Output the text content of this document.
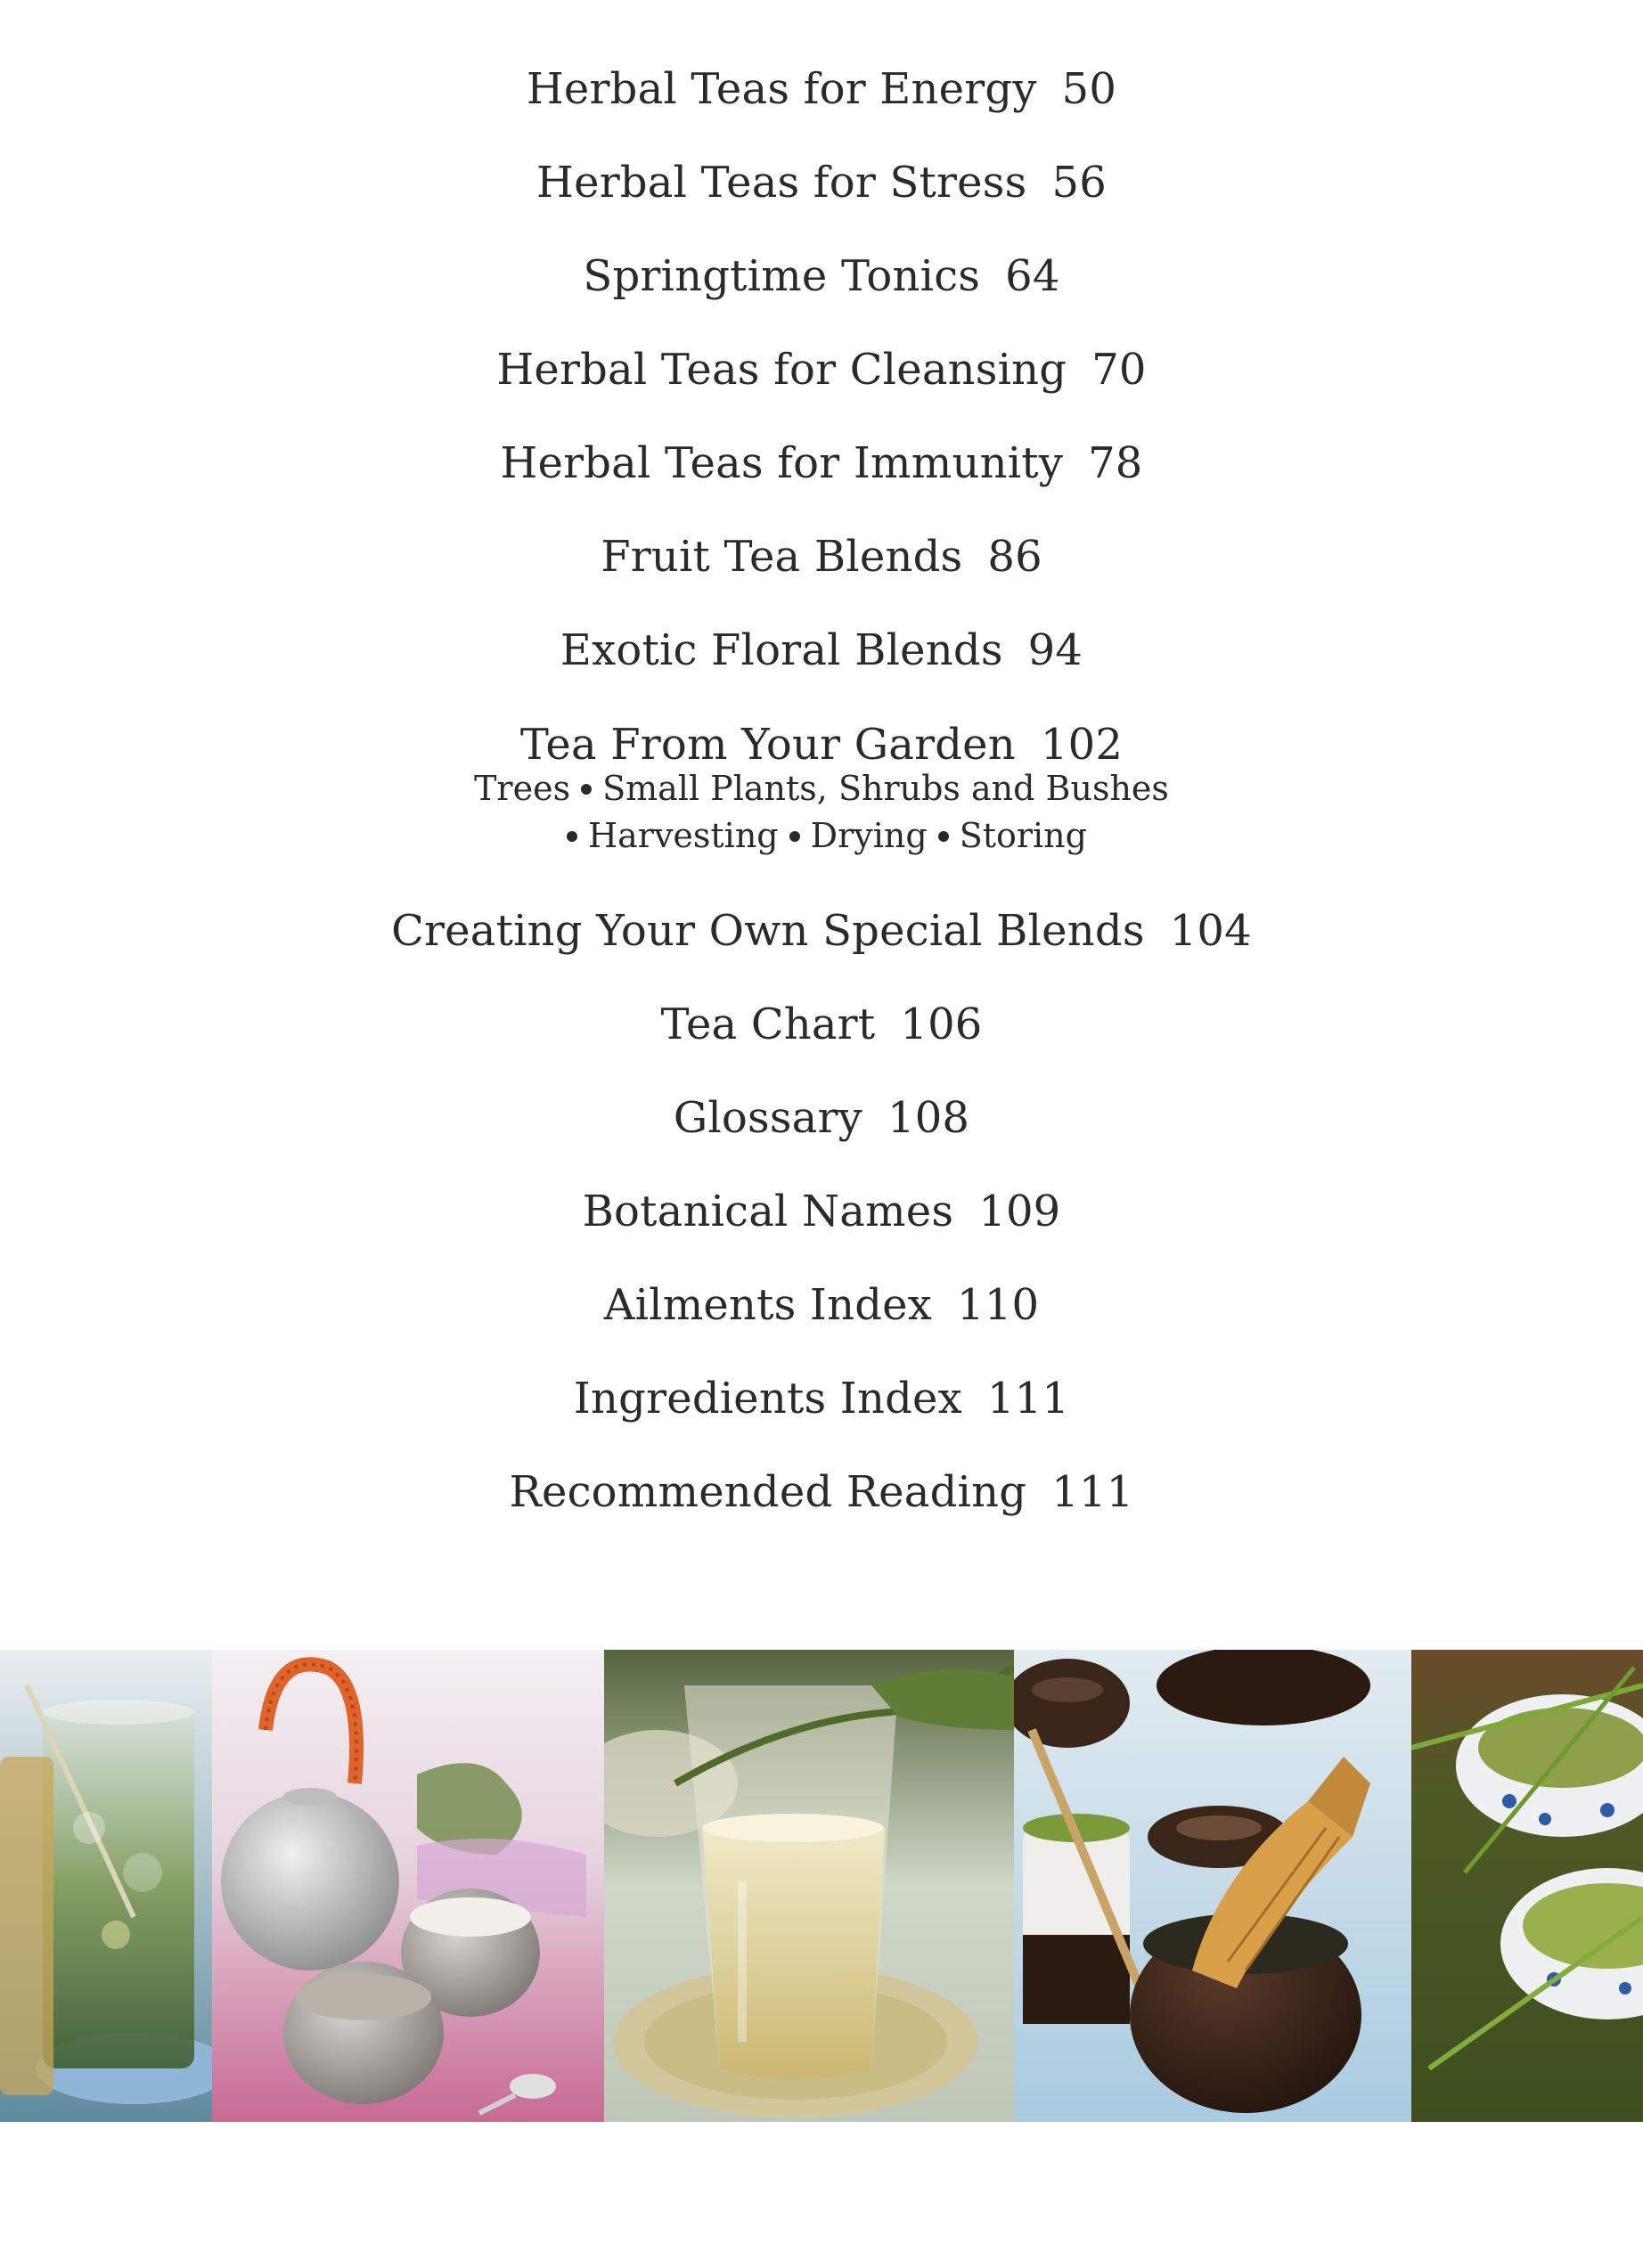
Herbal Teas for Energy 50
Herbal Teas for Stress 56
Springtime Tonics 64
Herbal Teas for Cleansing 70
Herbal Teas for Immunity 78
Fruit Tea Blends 86
Exotic Floral Blends 94
Tea From Your Garden 102
Trees Small Plants, Shrubs and Bushes
Harvesting Drying Storing
Creating Your Own Special Blends 104
Tea Chart 106
Glossary 108
Botanical Names 109
Ailments Index 110
Ingredients Index 111
Recommended Reading 111
